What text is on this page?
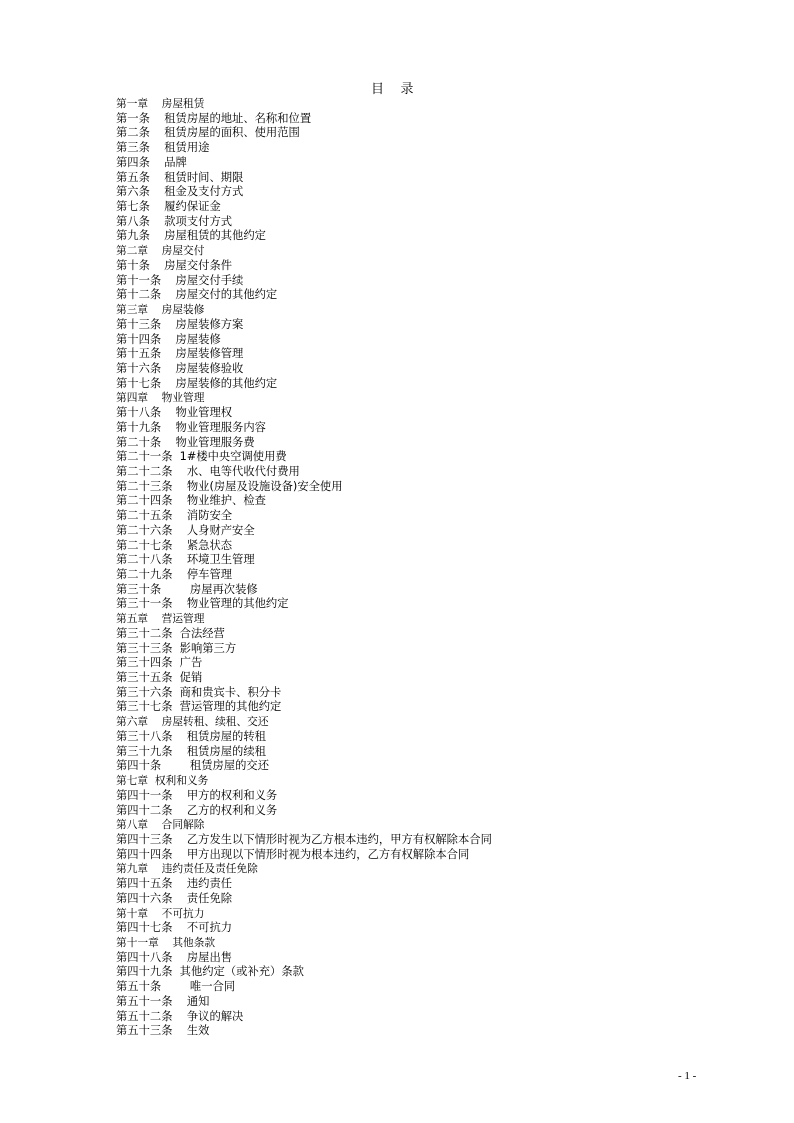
目    录
第一章    房屋租赁
第一条    租赁房屋的地址、名称和位置
第二条    租赁房屋的面积、使用范围
第三条    租赁用途
第四条    品牌
第五条    租赁时间、期限
第六条    租金及支付方式
第七条    履约保证金
第八条    款项支付方式
第九条    房屋租赁的其他约定
第二章    房屋交付
第十条    房屋交付条件
第十一条    房屋交付手续
第十二条    房屋交付的其他约定
第三章    房屋装修
第十三条    房屋装修方案
第十四条    房屋装修
第十五条    房屋装修管理
第十六条    房屋装修验收
第十七条    房屋装修的其他约定
第四章    物业管理
第十八条    物业管理权
第十九条    物业管理服务内容
第二十条    物业管理服务费
第二十一条  1#楼中央空调使用费
第二十二条    水、电等代收代付费用
第二十三条    物业(房屋及设施设备)安全使用
第二十四条    物业维护、检查
第二十五条    消防安全
第二十六条    人身财产安全
第二十七条    紧急状态
第二十八条    环境卫生管理
第二十九条    停车管理
第三十条        房屋再次装修
第三十一条    物业管理的其他约定
第五章    营运管理
第三十二条  合法经营
第三十三条  影响第三方
第三十四条  广告
第三十五条  促销
第三十六条  商和贵宾卡、积分卡
第三十七条  营运管理的其他约定
第六章    房屋转租、续租、交还
第三十八条    租赁房屋的转租
第三十九条    租赁房屋的续租
第四十条        租赁房屋的交还
第七章  权利和义务
第四十一条    甲方的权利和义务
第四十二条    乙方的权利和义务
第八章    合同解除
第四十三条    乙方发生以下情形时视为乙方根本违约，甲方有权解除本合同
第四十四条    甲方出现以下情形时视为根本违约，乙方有权解除本合同
第九章    违约责任及责任免除
第四十五条    违约责任
第四十六条    责任免除
第十章    不可抗力
第四十七条    不可抗力
第十一章    其他条款
第四十八条    房屋出售
第四十九条  其他约定（或补充）条款
第五十条        唯一合同
第五十一条    通知
第五十二条    争议的解决
第五十三条    生效
- 1 -
